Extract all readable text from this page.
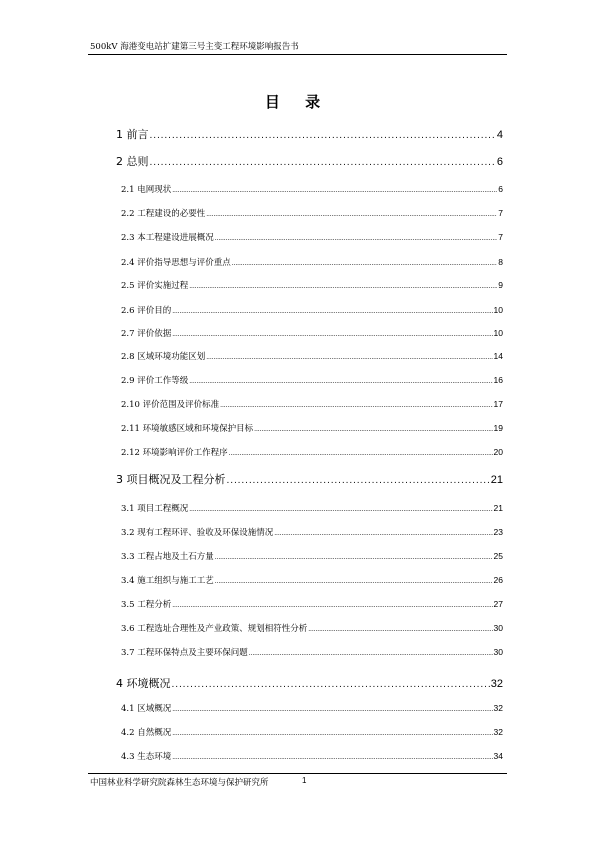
500kV 海港变电站扩建第三号主变工程环境影响报告书
目 录
1 前言 . . .	4
2 总则 . . .	6
2.1 电网现状 . . .	6
2.2 工程建设的必要性 . . .	7
2.3 本工程建设进展概况 . . .	7
2.4 评价指导思想与评价重点 . . .	8
2.5 评价实施过程 . . .	9
2.6 评价目的 . . .	10
2.7 评价依据 . . .	10
2.8 区域环境功能区划 . . .	14
2.9 评价工作等级 . . .	16
2.10 评价范围及评价标准 . . .	17
2.11 环境敏感区域和环境保护目标 . . .	19
2.12 环境影响评价工作程序 . . .	20
3 项目概况及工程分析 . . .	21
3.1 项目工程概况 . . .	21
3.2 现有工程环评、验收及环保设施情况 . . .	23
3.3 工程占地及土石方量 . . .	25
3.4 施工组织与施工工艺 . . .	26
3.5 工程分析 . . .	27
3.6 工程选址合理性及产业政策、规划相符性分析 . . .	30
3.7 工程环保特点及主要环保问题 . . .	30
4 环境概况 . . .	32
4.1 区域概况 . . .	32
4.2 自然概况 . . .	32
4.3 生态环境 . . .	34
中国林业科学研究院森林生态环境与保护研究所	1
